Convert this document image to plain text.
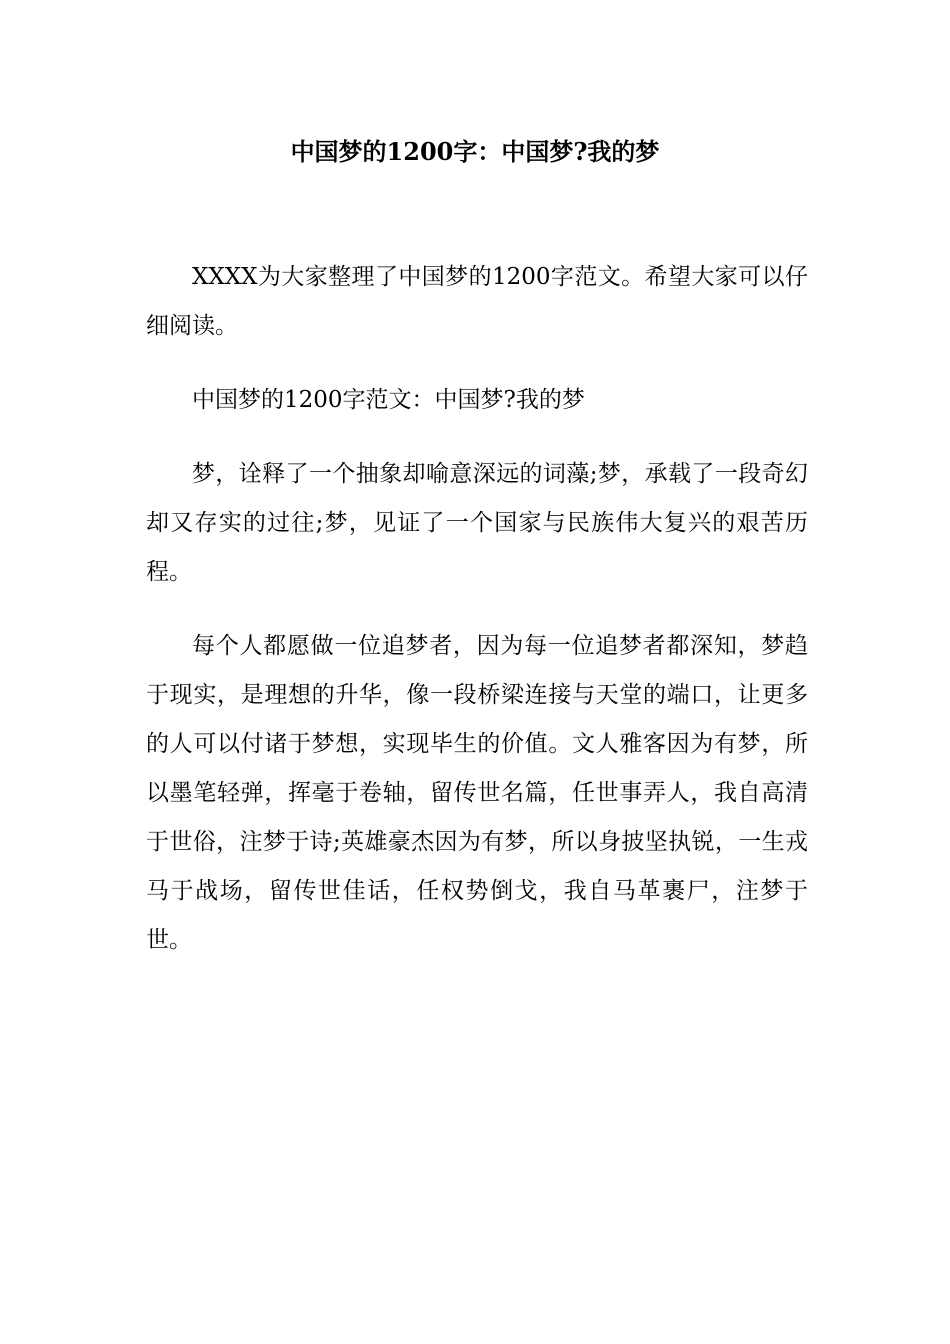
中国梦的1200字：中国梦?我的梦

XXXX为大家整理了中国梦的1200字范文。希望大家可以仔细阅读。

中国梦的1200字范文：中国梦?我的梦

梦，诠释了一个抽象却喻意深远的词藻;梦，承载了一段奇幻却又存实的过往;梦，见证了一个国家与民族伟大复兴的艰苦历程。

每个人都愿做一位追梦者，因为每一位追梦者都深知，梦趋于现实，是理想的升华，像一段桥梁连接与天堂的端口，让更多的人可以付诸于梦想，实现毕生的价值。文人雅客因为有梦，所以墨笔轻弹，挥毫于卷轴，留传世名篇，任世事弄人，我自高清于世俗，注梦于诗;英雄豪杰因为有梦，所以身披坚执锐，一生戎马于战场，留传世佳话，任权势倒戈，我自马革裹尸，注梦于世。
